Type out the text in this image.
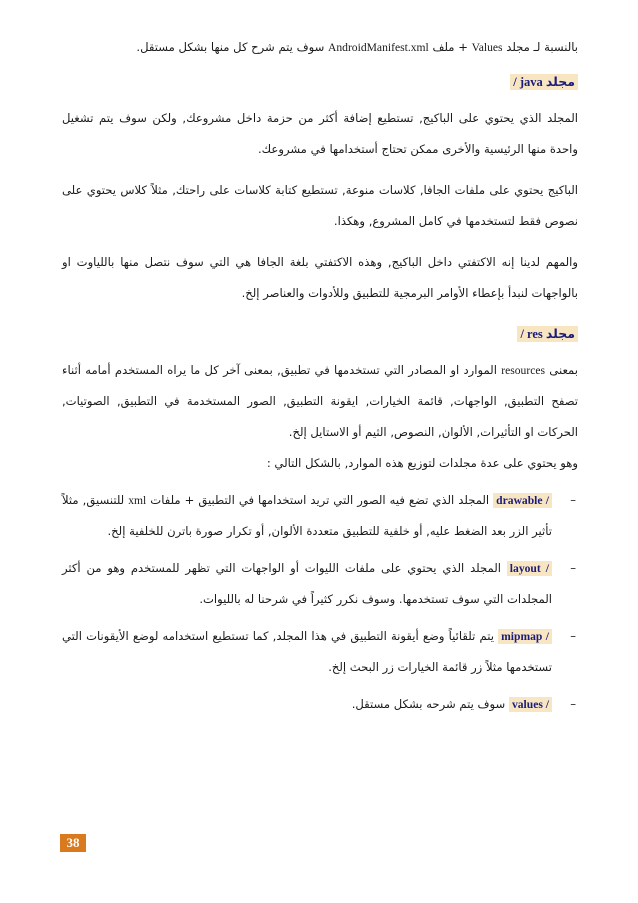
بالنسبة لـ مجلد Values + ملف AndroidManifest.xml سوف يتم شرح كل منها بشكل مستقل.

مجلد java /

المجلد الذي يحتوي على الباكيج, تستطيع إضافة أكثر من حزمة داخل مشروعك, ولكن سوف يتم تشغيل واحدة منها الرئيسية والأخرى ممكن تحتاج أستخدامها في مشروعك.

الباكيج يحتوي على ملفات الجافا, كلاسات منوعة, تستطيع كتابة كلاسات على راحتك, مثلاً كلاس يحتوي على نصوص فقط لتستخدمها في كامل المشروع, وهكذا.

والمهم لدينا إنه الاكتفتي داخل الباكيج, وهذه الاكتفتي بلغة الجافا هي التي سوف نتصل منها باللياوت او بالواجهات لنبدأ بإعطاء الأوامر البرمجية للتطبيق وللأدوات والعناصر إلخ.

مجلد res /

بمعنى resources الموارد او المصادر التي تستخدمها في تطبيق, بمعنى آخر كل ما يراه المستخدم أمامه أثناء تصفح التطبيق, الواجهات, قائمة الخيارات, ايقونة التطبيق, الصور المستخدمة في التطبيق, الصوتيات, الحركات او التأثيرات, الألوان, النصوص, الثيم أو الاستايل إلخ.

وهو يحتوي على عدة مجلدات لتوزيع هذه الموارد, بالشكل التالي :

–
drawable / المجلد الذي تضع فيه الصور التي تريد استخدامها في التطبيق + ملفات xml للتنسيق, مثلاً تأثير الزر بعد الضغط عليه, أو خلفية للتطبيق متعددة الألوان, أو تكرار صورة باترن للخلفية إلخ.
–
layout / المجلد الذي يحتوي على ملفات الليوات أو الواجهات التي تظهر للمستخدم وهو من أكثر المجلدات التي سوف تستخدمها. وسوف نكرر كثيراً في شرحنا له بالليوات.
–
mipmap / يتم تلقائياً وضع أيقونة التطبيق في هذا المجلد, كما تستطيع استخدامه لوضع الأيقونات التي تستخدمها مثلاً زر قائمة الخيارات زر البحث إلخ.
–
values / سوف يتم شرحه بشكل مستقل.
38
